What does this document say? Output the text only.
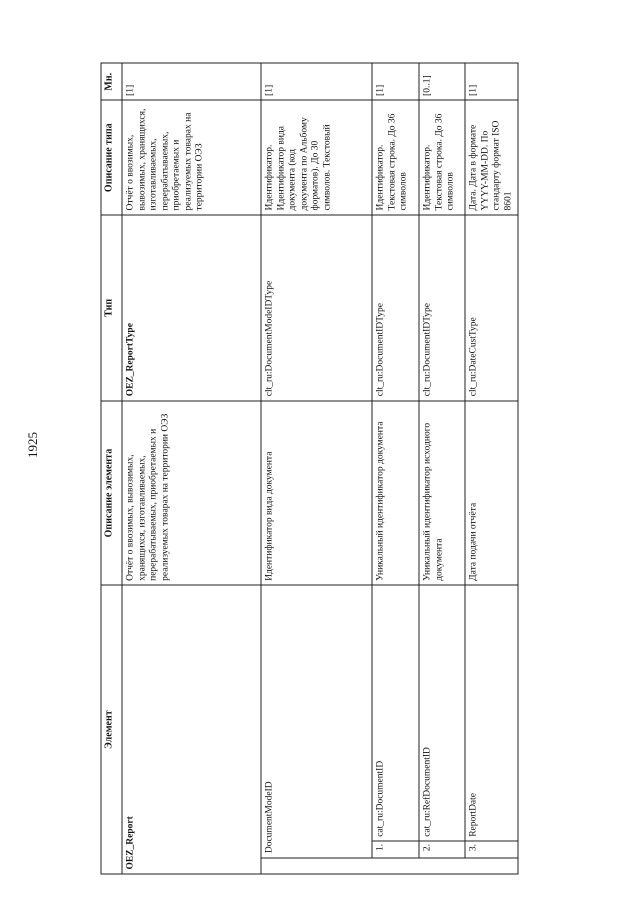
1925
Элемент			Описание элемента	Тип	Описание типа	Мн.
OEZ_Report			Отчёт о ввозимых, вывозимых, хранящихся, изготавливаемых, перерабатываемых, приобретаемых и реализуемых товарах на территории ОЭЗ	OEZ_ReportType	Отчёт о ввозимых, вывозимых, хранящихся, изготавливаемых, перерабатываемых, приобретаемых и реализуемых товарах на территории ОЭЗ	[1]
	DocumentModeID		Идентификатор вида документа	clt_ru:DocumentModeIDType	Идентификатор. Идентификатор вида документа (код документа по Альбому форматов). До 30 символов. Текстовый	[1]
	1.	cat_ru:DocumentID	Уникальный идентификатор документа	clt_ru:DocumentIDType	Идентификатор. Текстовая строка. До 36 символов	[1]
	2.	cat_ru:RefDocumentID	Уникальный идентификатор исходного документа	clt_ru:DocumentIDType	Идентификатор. Текстовая строка. До 36 символов	[0..1]
	3.	ReportDate	Дата подачи отчёта	clt_ru:DateCustType	Дата. Дата в формате YYYY-MM-DD. По стандарту формат ISO 8601	[1]
